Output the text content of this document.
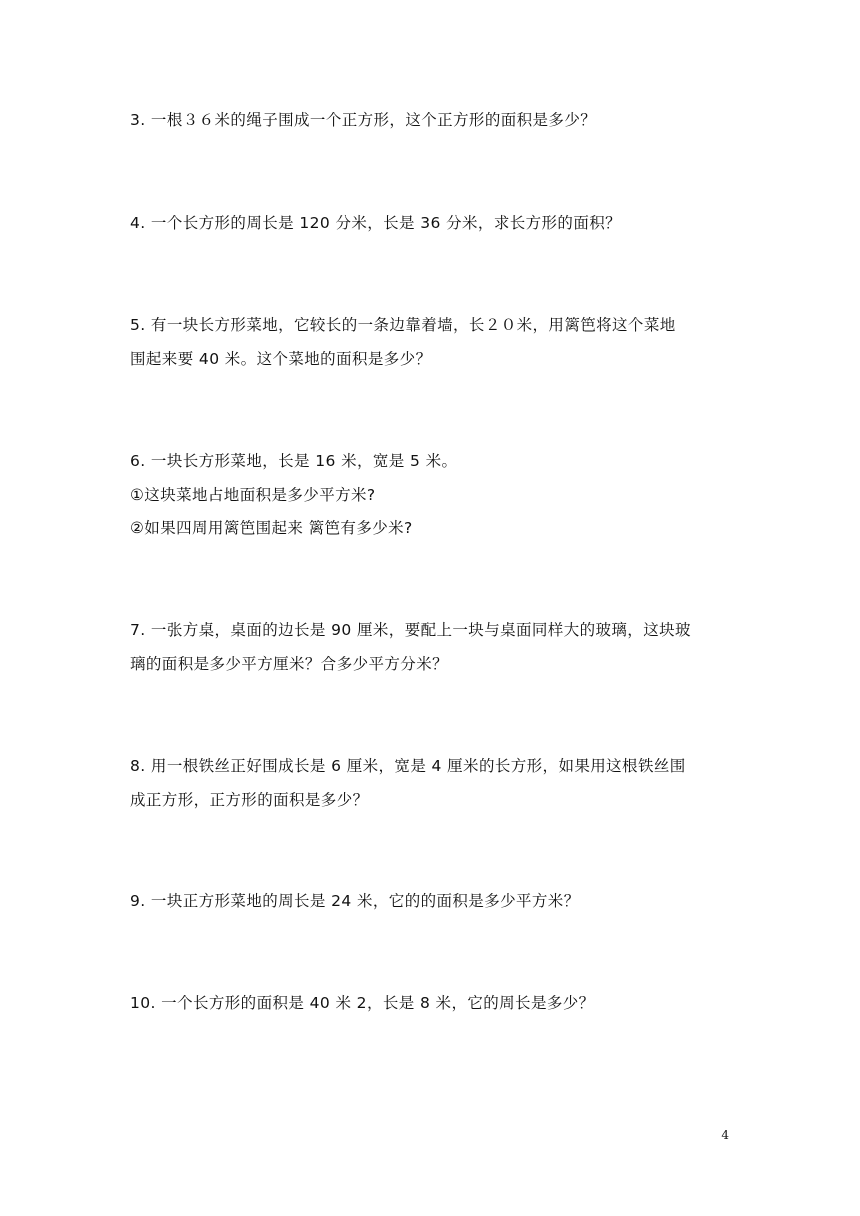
3. 一根３６米的绳子围成一个正方形，这个正方形的面积是多少？
4. 一个长方形的周长是 120 分米，长是 36 分米，求长方形的面积？
5. 有一块长方形菜地，它较长的一条边靠着墙，长２０米，用篱笆将这个菜地
围起来要 40 米。这个菜地的面积是多少？
6. 一块长方形菜地，长是 16 米，宽是 5 米。
①这块菜地占地面积是多少平方米?
②如果四周用篱笆围起来 篱笆有多少米?
7. 一张方桌，桌面的边长是 90 厘米，要配上一块与桌面同样大的玻璃，这块玻
璃的面积是多少平方厘米？合多少平方分米？
8. 用一根铁丝正好围成长是 6 厘米，宽是 4 厘米的长方形，如果用这根铁丝围
成正方形，正方形的面积是多少？
9. 一块正方形菜地的周长是 24 米，它的的面积是多少平方米？
10. 一个长方形的面积是 40 米 2，长是 8 米，它的周长是多少？
4
